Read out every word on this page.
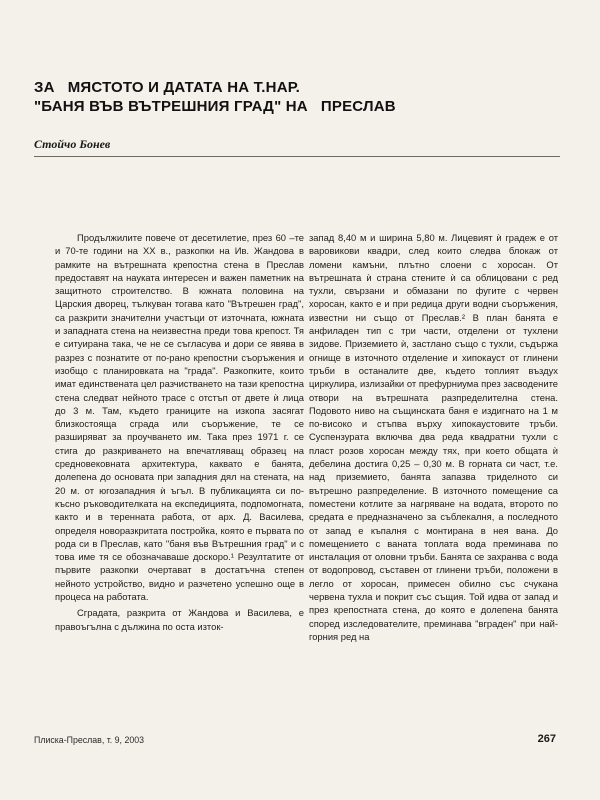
ЗА   МЯСТОТО И ДАТАТА НА Т.НАР.
"БАНЯ ВЪВ ВЪТРЕШНИЯ ГРАД" НА   ПРЕСЛАВ
Стойчо Бонев

Продължилите повече от десетилетие, през 60 –те и 70-те години на XX в., разкопки на Ив. Жандова в рамките на вътрешната крепостна стена в Преслав предоставят на науката интересен и важен паметник на защитното строителство. В южната половина на Царския дворец, тълкуван тогава като "Вътрешен град", са разкрити значителни участъци от източната, южната и западната стена на неизвестна преди това крепост. Тя е ситуирана така, че не се съгласува и дори се явява в разрез с познатите от по-рано крепостни съоръжения и изобщо с планировката на "града". Разкопките, които имат единствената цел разчистването на тази крепостна стена следват нейното трасе с отстъп от двете ѝ лица до 3 м. Там, където границите на изкопа засягат близкостояща сграда или съоръжение, те се разширяват за проучването им. Така през 1971 г. се стига до разкриването на впечатляващ образец на средновековната архитектура, каквато е банята, долепена до основата при западния дял на стената, на 20 м. от югозападния ѝ ъгъл. В публикацията си по-късно ръководителката на експедицията, подпомогната, както и в теренната работа, от арх. Д. Василева, определя новоразкритата постройка, която е първата по рода си в Преслав, като "баня във Вътрешния град" и с това име тя се обозначаваше доскоро.¹ Резултатите от първите разкопки очертават в достатъчна степен нейното устройство, видно и разчетено успешно още в процеса на работата.

Сградата, разкрита от Жандова и Василева, е правоъгълна с дължина по оста изток-

запад 8,40 м и ширина 5,80 м. Лицевият ѝ градеж е от варовикови квадри, след които следва блокаж от ломени камъни, плътно слоени с хоросан. От вътрешната ѝ страна стените ѝ са облицовани с ред тухли, свързани и обмазани по фугите с червен хоросан, както е и при редица други водни съоръжения, известни ни също от Преслав.² В план банята е анфиладен тип с три части, отделени от тухлени зидове. Приземието ѝ, застлано също с тухли, съдържа огнище в източното отделение и хипокауст от глинени тръби в останалите две, където топлият въздух циркулира, излизайки от префурниума през засводените отвори на вътрешната разпределителна стена. Подовото ниво на същинската баня е издигнато на 1 м по-високо и стъпва върху хипокаустовите тръби. Суспензурата включва два реда квадратни тухли с пласт розов хоросан между тях, при което общата ѝ дебелина достига 0,25 – 0,30 м. В горната си част, т.е. над приземието, банята запазва триделното си вътрешно разпределение. В източното помещение са поместени котлите за нагряване на водата, второто по средата е предназначено за съблекалня, а последното от запад е къпалня с монтирана в нея вана. До помещението с ваната топлата вода преминава по инсталация от оловни тръби. Банята се захранва с вода от водопровод, съставен от глинени тръби, положени в легло от хоросан, примесен обилно със счукана червена тухла и покрит със същия. Той идва от запад и през крепостната стена, до която е долепена банята според изследователите, преминава "вграден" при най-горния ред на

Плиска-Преслав, т. 9, 2003	267
